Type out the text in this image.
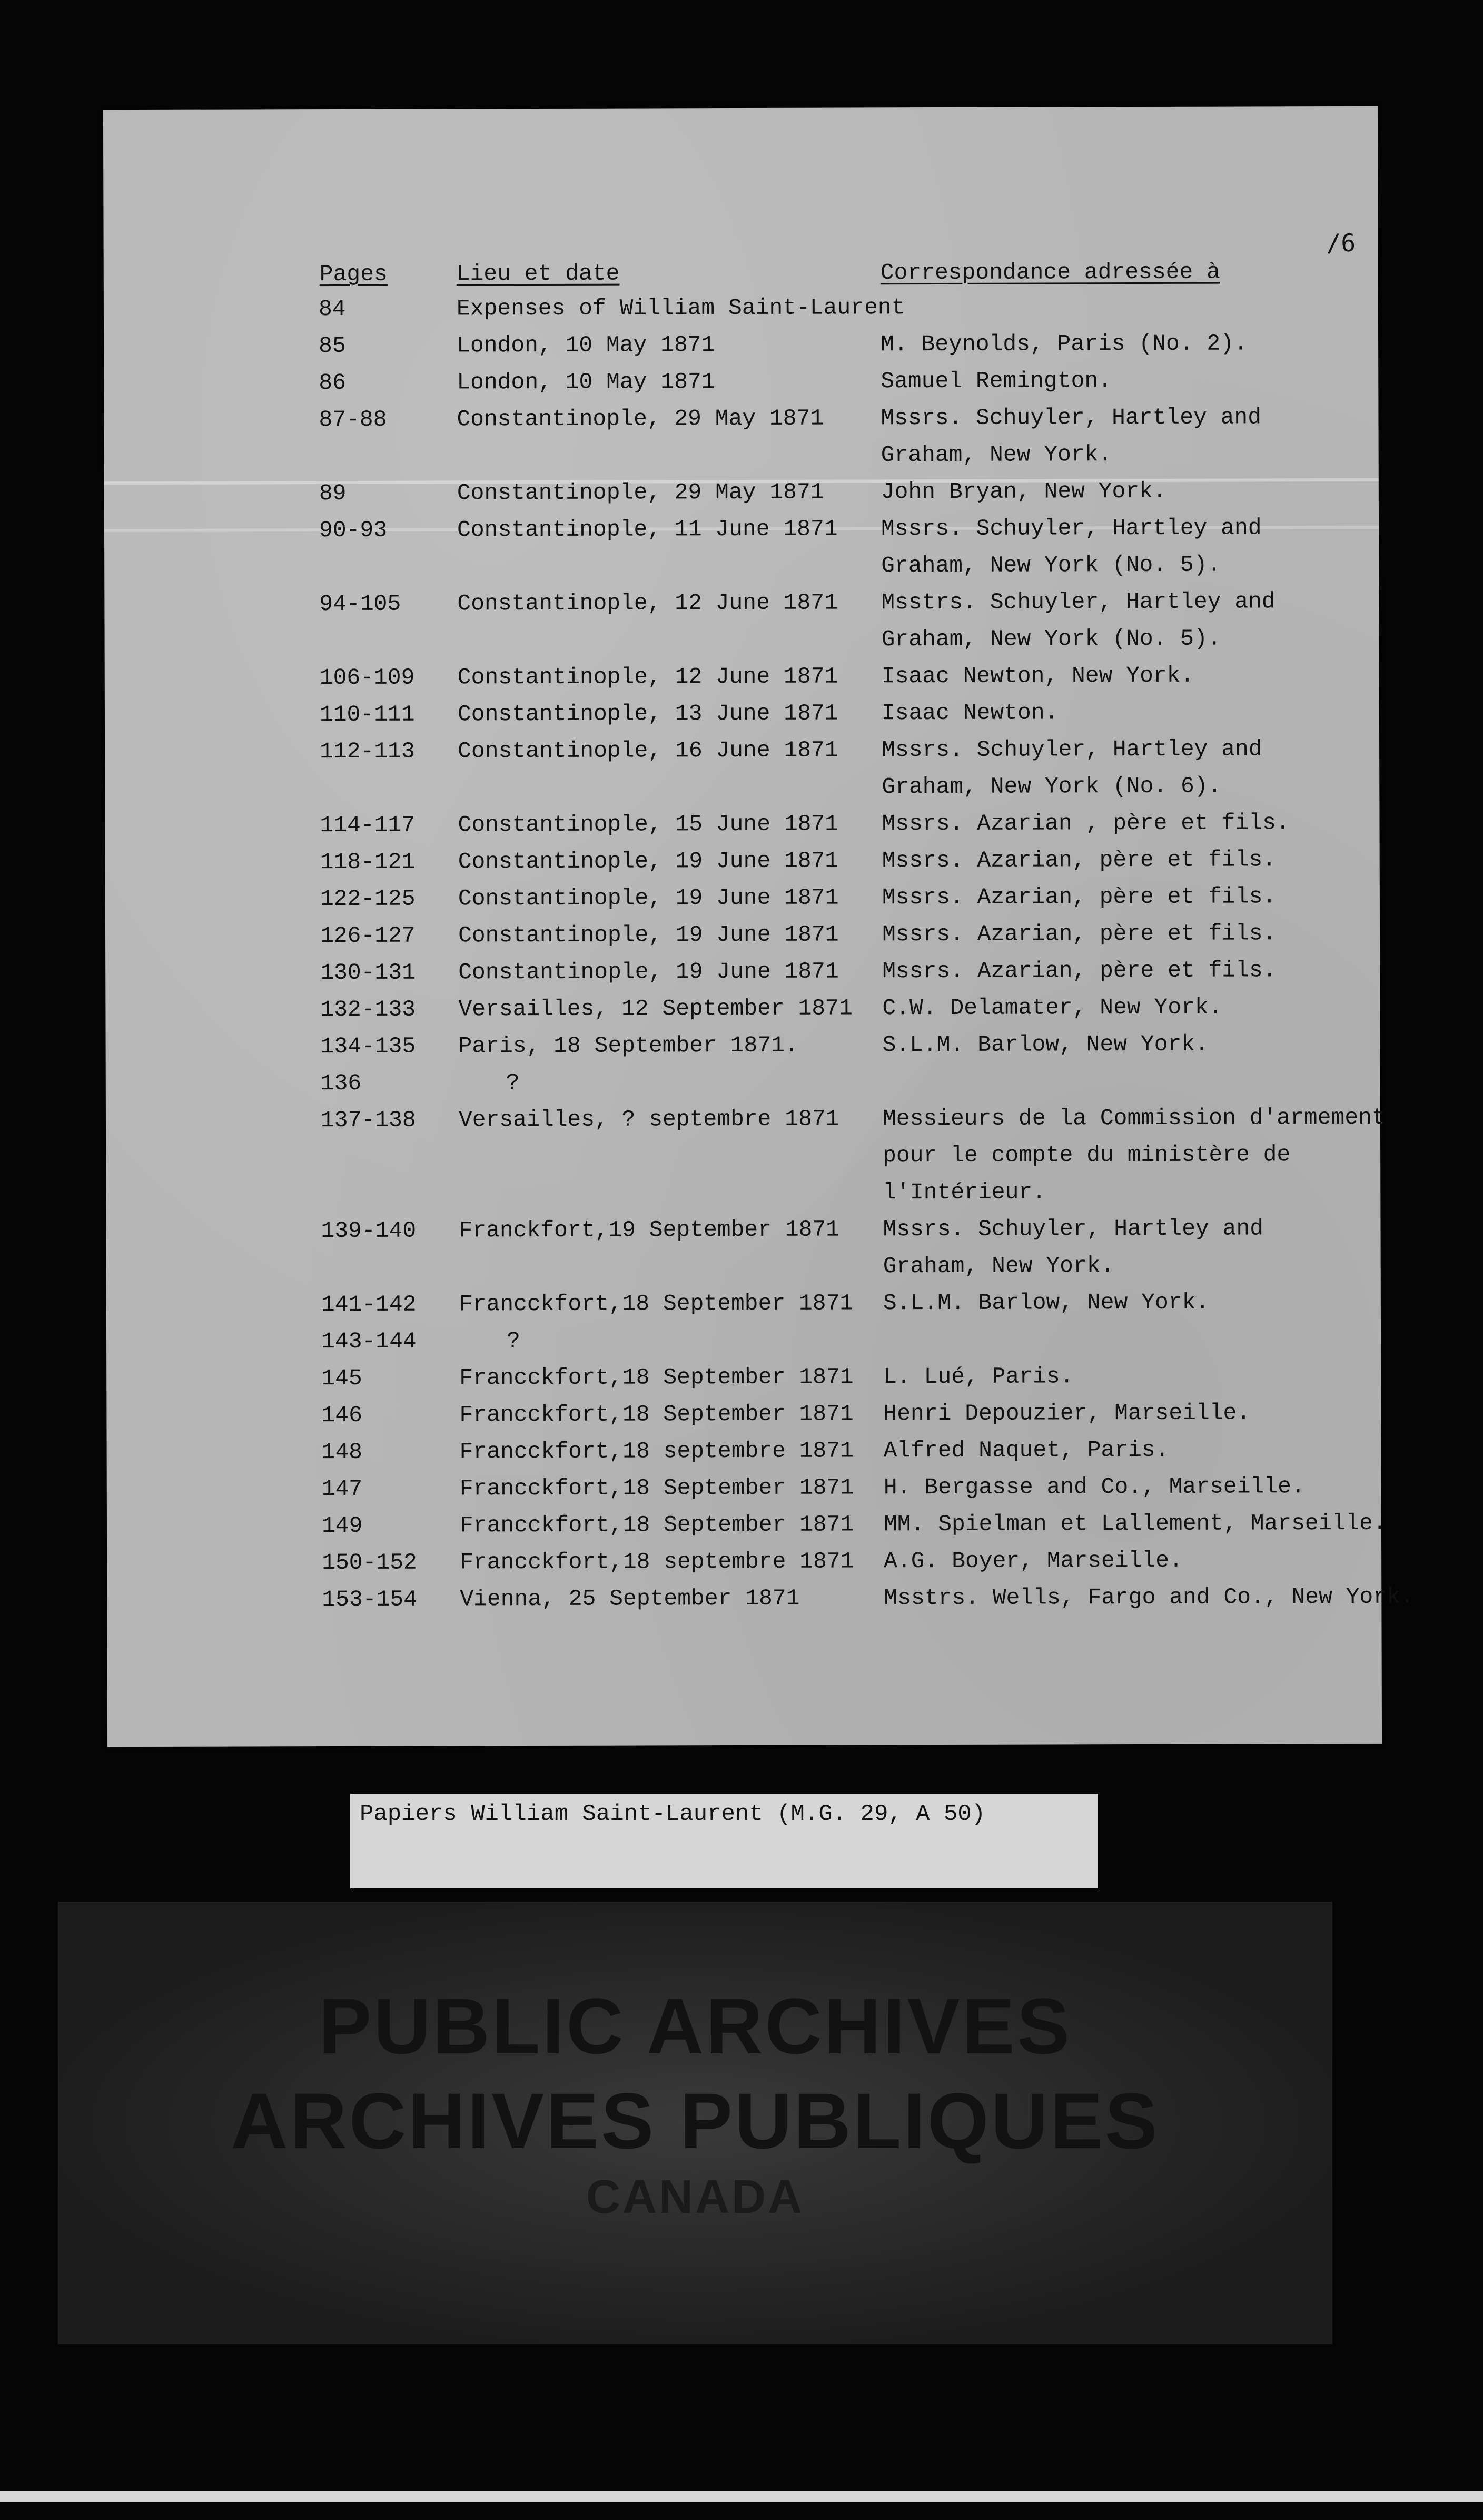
/6
Pages	Lieu et date	Correspondance adressée à
84	Expenses of William Saint-Laurent
85	London, 10 May 1871	M. Beynolds, Paris (No. 2).
86	London, 10 May 1871	Samuel Remington.
87-88	Constantinople, 29 May 1871	Mssrs. Schuyler, Hartley and
Graham, New York.
89	Constantinople, 29 May 1871	John Bryan, New York.
90-93	Constantinople, 11 June 1871 Mssrs. Schuyler, Hartley and
Graham, New York (No. 5).
94-105 Constantinople, 12 June 1871 Msstrs. Schuyler, Hartley and
Graham, New York (No. 5).
106-109 Constantinople, 12 June 1871 Isaac Newton, New York.
110-111 Constantinople, 13 June 1871 Isaac Newton.
112-113 Constantinople, 16 June 1871 Mssrs. Schuyler, Hartley and
Graham, New York (No. 6).
114-117 Constantinople, 15 June 1871 Mssrs. Azarian , père et fils.
118-121 Constantinople, 19 June 1871 Mssrs. Azarian, père et fils.
122-125 Constantinople, 19 June 1871 Mssrs. Azarian, père et fils.
126-127 Constantinople, 19 June 1871 Mssrs. Azarian, père et fils.
130-131 Constantinople, 19 June 1871 Mssrs. Azarian, père et fils.
132-133 Versailles, 12 September 1871 C.W. Delamater, New York.
134-135 Paris, 18 September 1871.	S.L.M. Barlow, New York.
136	?
137-138 Versailles, ? septembre 1871 Messieurs de la Commission d'armement
pour le compte du ministère de
l'Intérieur.
139-140 Franckfort,19 September 1871 Mssrs. Schuyler, Hartley and
Graham, New York.
141-142 Francckfort,18 September 1871 S.L.M. Barlow, New York.
143-144	?
145	Francckfort,18 September 1871 L. Lué, Paris.
146	Francckfort,18 September 1871 Henri Depouzier, Marseille.
148	Francckfort,18 septembre 1871 Alfred Naquet, Paris.
147	Francckfort,18 September 1871 H. Bergasse and Co., Marseille.
149	Francckfort,18 September 1871 MM. Spielman et Lallement, Marseille.
150-152 Francckfort,18 septembre 1871 A.G. Boyer, Marseille.
153-154 Vienna, 25 September 1871	Msstrs. Wells, Fargo and Co., New York.
Papiers William Saint-Laurent (M.G. 29, A 50)
PUBLIC ARCHIVES
ARCHIVES PUBLIQUES
CANADA
